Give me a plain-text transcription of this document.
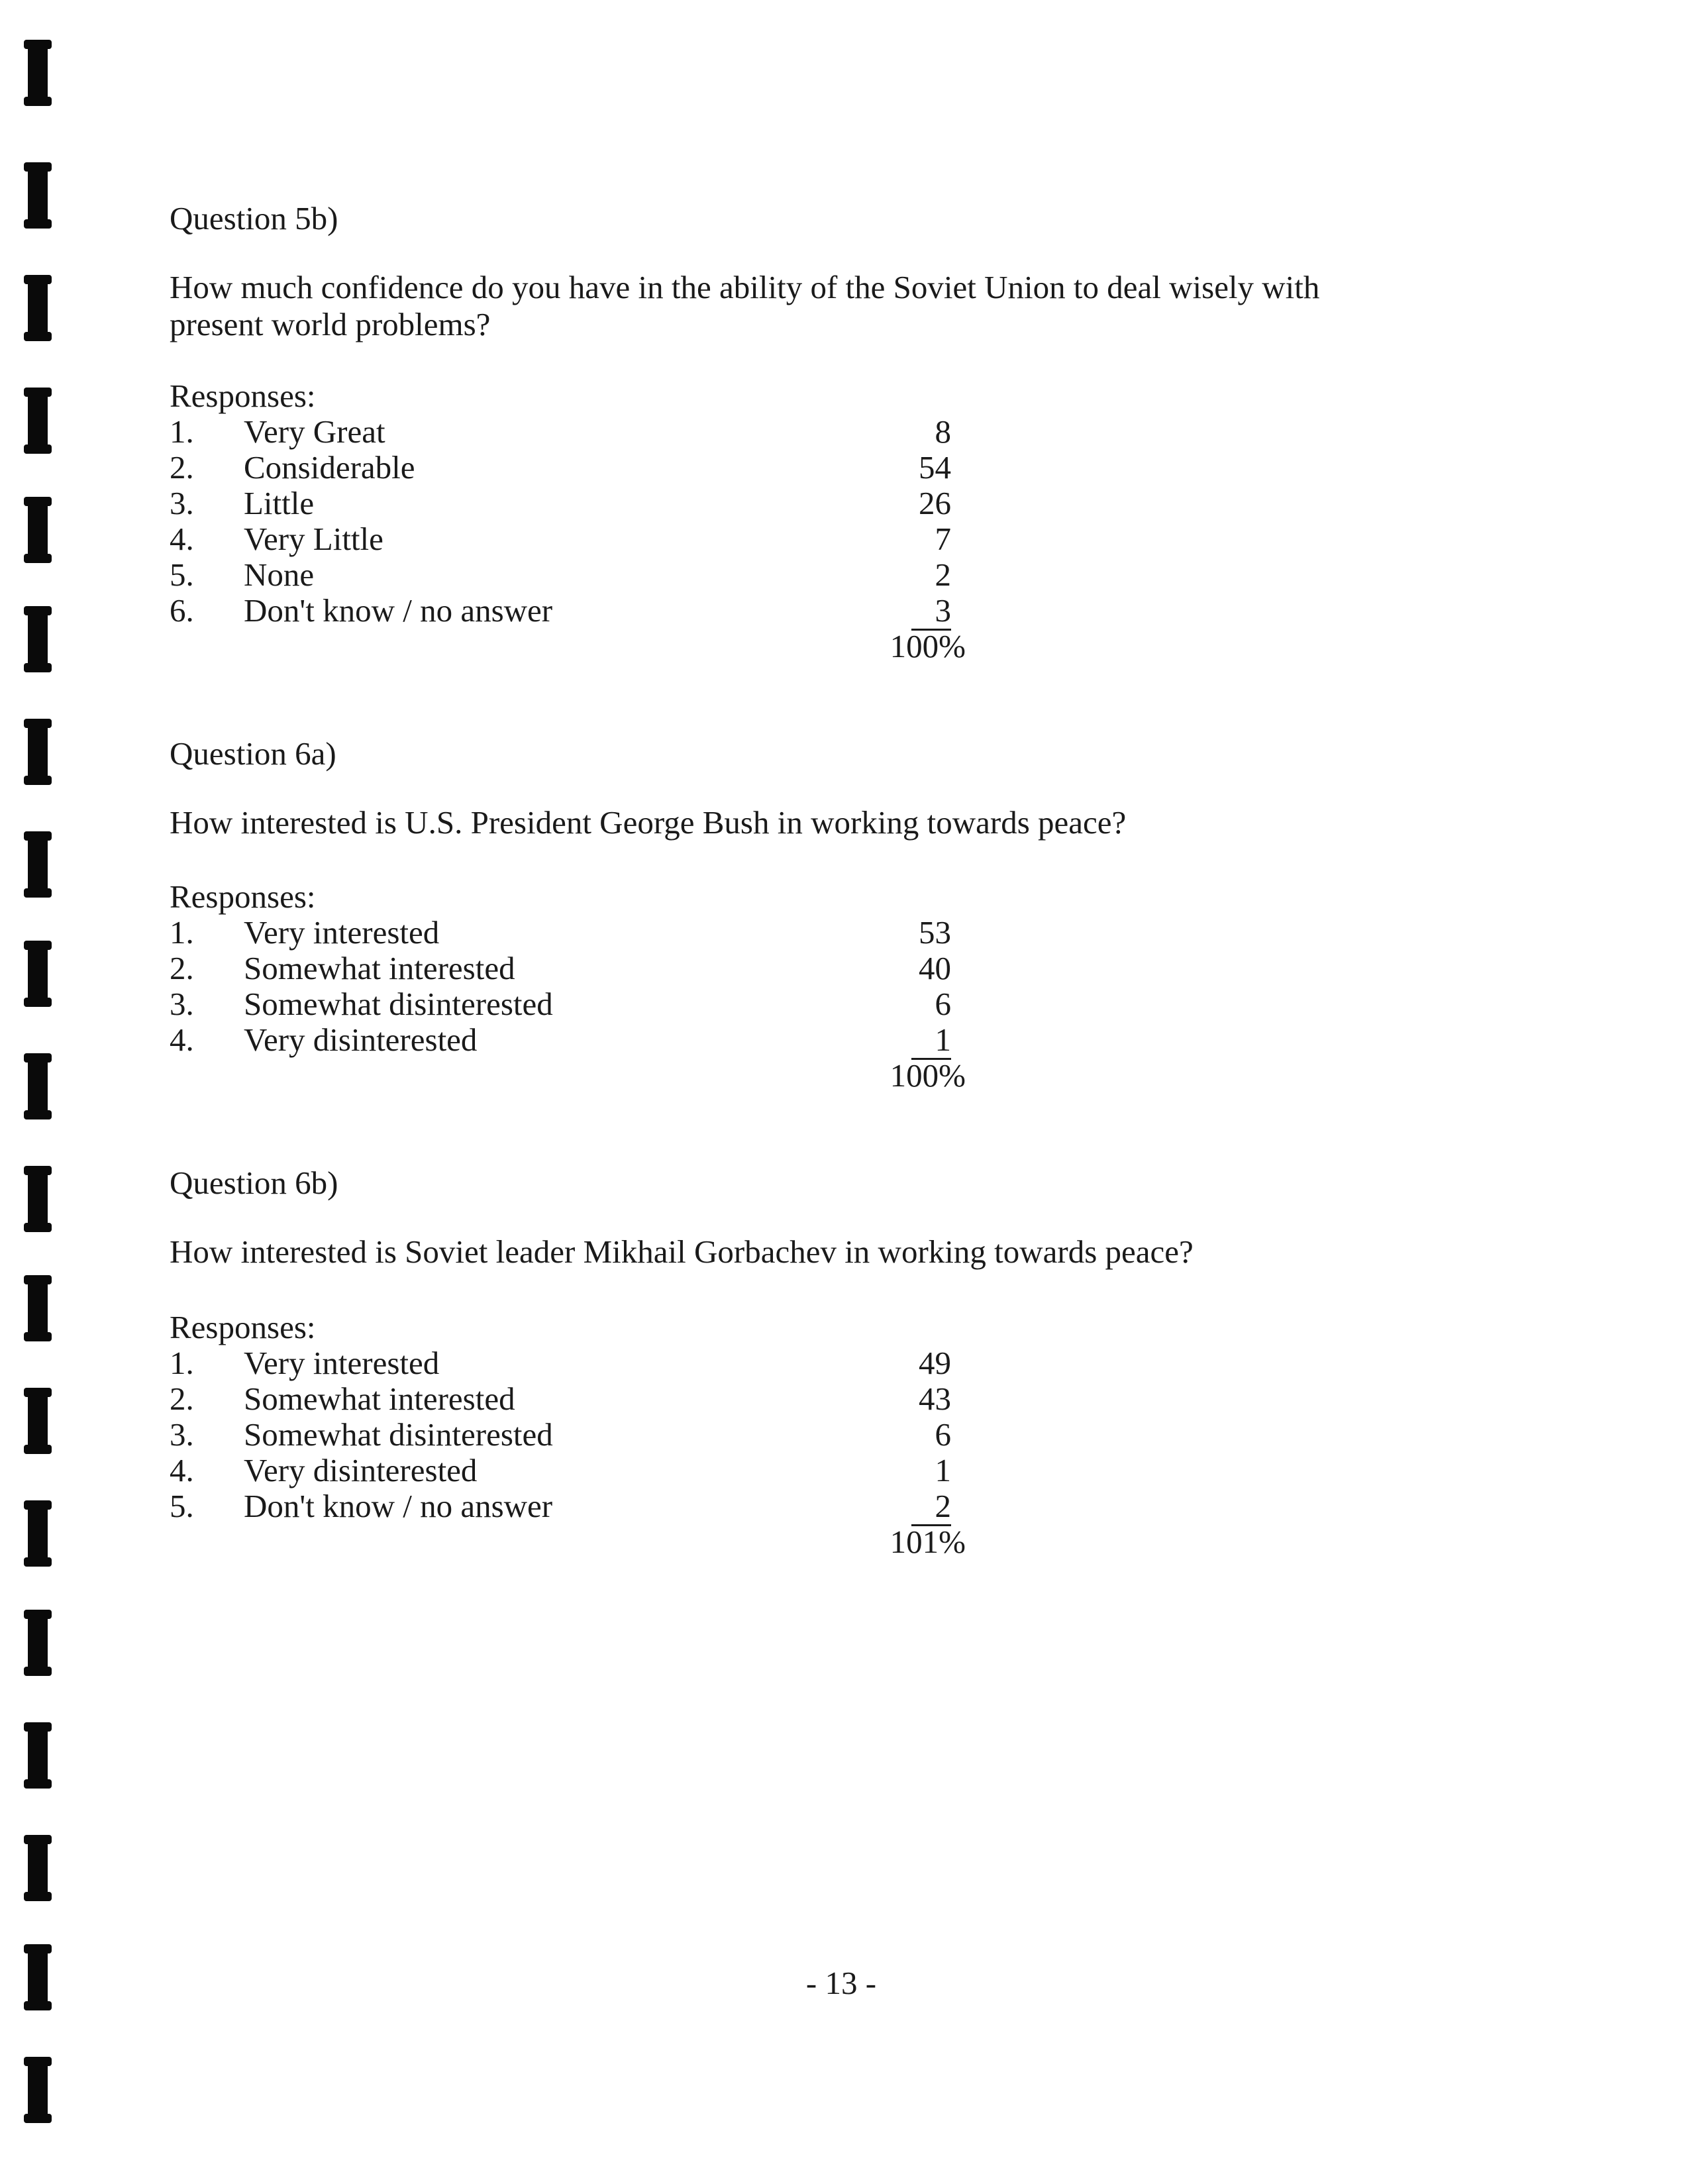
Question 5b)
How much confidence do you have in the ability of the Soviet Union to deal wisely with
present world problems?
Responses:
1. Very Great	8
2. Considerable	54
3. Little	26
4. Very Little	7
5. None	2
6. Don't know / no answer	3
100%
Question 6a)
How interested is U.S. President George Bush in working towards peace?
Responses:
1. Very interested	53
2. Somewhat interested	40
3. Somewhat disinterested	6
4. Very disinterested	1
100%
Question 6b)
How interested is Soviet leader Mikhail Gorbachev in working towards peace?
Responses:
1. Very interested	49
2. Somewhat interested	43
3. Somewhat disinterested	6
4. Very disinterested	1
5. Don't know / no answer	2
101%
- 13 -
